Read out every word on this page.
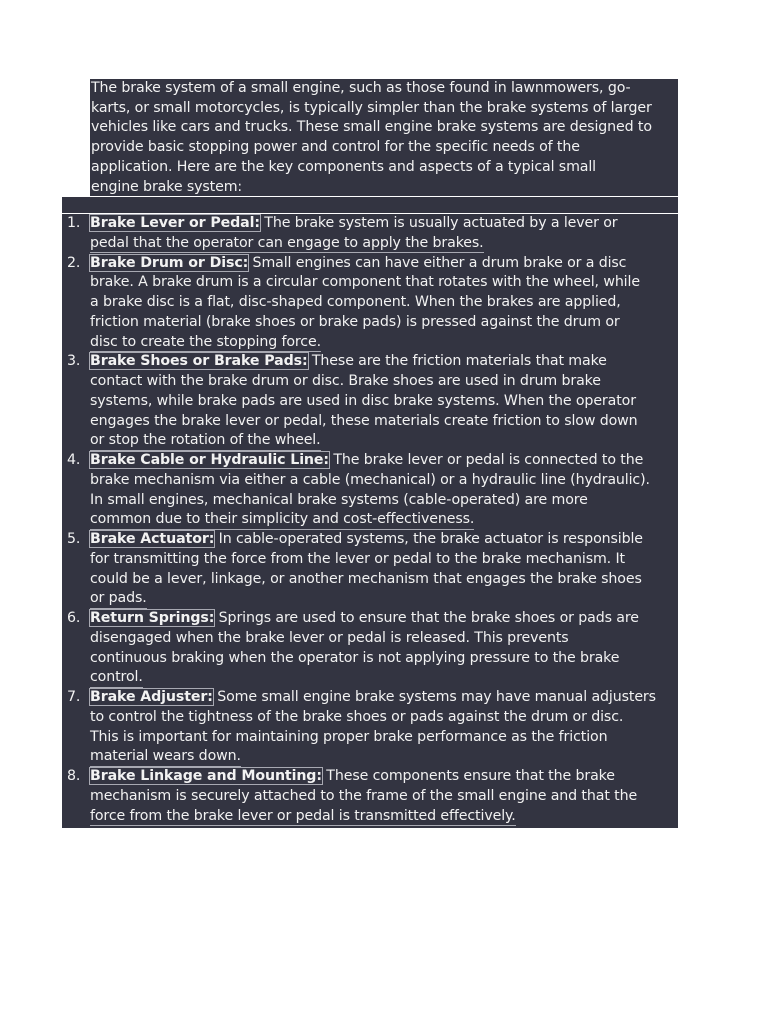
The brake system of a small engine, such as those found in lawnmowers, go-
karts, or small motorcycles, is typically simpler than the brake systems of larger
vehicles like cars and trucks. These small engine brake systems are designed to
provide basic stopping power and control for the specific needs of the
application. Here are the key components and aspects of a typical small
engine brake system:
1. Brake Lever or Pedal: The brake system is usually actuated by a lever or
pedal that the operator can engage to apply the brakes.
2. Brake Drum or Disc: Small engines can have either a drum brake or a disc
brake. A brake drum is a circular component that rotates with the wheel, while
a brake disc is a flat, disc-shaped component. When the brakes are applied,
friction material (brake shoes or brake pads) is pressed against the drum or
disc to create the stopping force.
3. Brake Shoes or Brake Pads: These are the friction materials that make
contact with the brake drum or disc. Brake shoes are used in drum brake
systems, while brake pads are used in disc brake systems. When the operator
engages the brake lever or pedal, these materials create friction to slow down
or stop the rotation of the wheel.
4. Brake Cable or Hydraulic Line: The brake lever or pedal is connected to the
brake mechanism via either a cable (mechanical) or a hydraulic line (hydraulic).
In small engines, mechanical brake systems (cable-operated) are more
common due to their simplicity and cost-effectiveness.
5. Brake Actuator: In cable-operated systems, the brake actuator is responsible
for transmitting the force from the lever or pedal to the brake mechanism. It
could be a lever, linkage, or another mechanism that engages the brake shoes
or pads.
6. Return Springs: Springs are used to ensure that the brake shoes or pads are
disengaged when the brake lever or pedal is released. This prevents
continuous braking when the operator is not applying pressure to the brake
control.
7. Brake Adjuster: Some small engine brake systems may have manual adjusters
to control the tightness of the brake shoes or pads against the drum or disc.
This is important for maintaining proper brake performance as the friction
material wears down.
8. Brake Linkage and Mounting: These components ensure that the brake
mechanism is securely attached to the frame of the small engine and that the
force from the brake lever or pedal is transmitted effectively.
